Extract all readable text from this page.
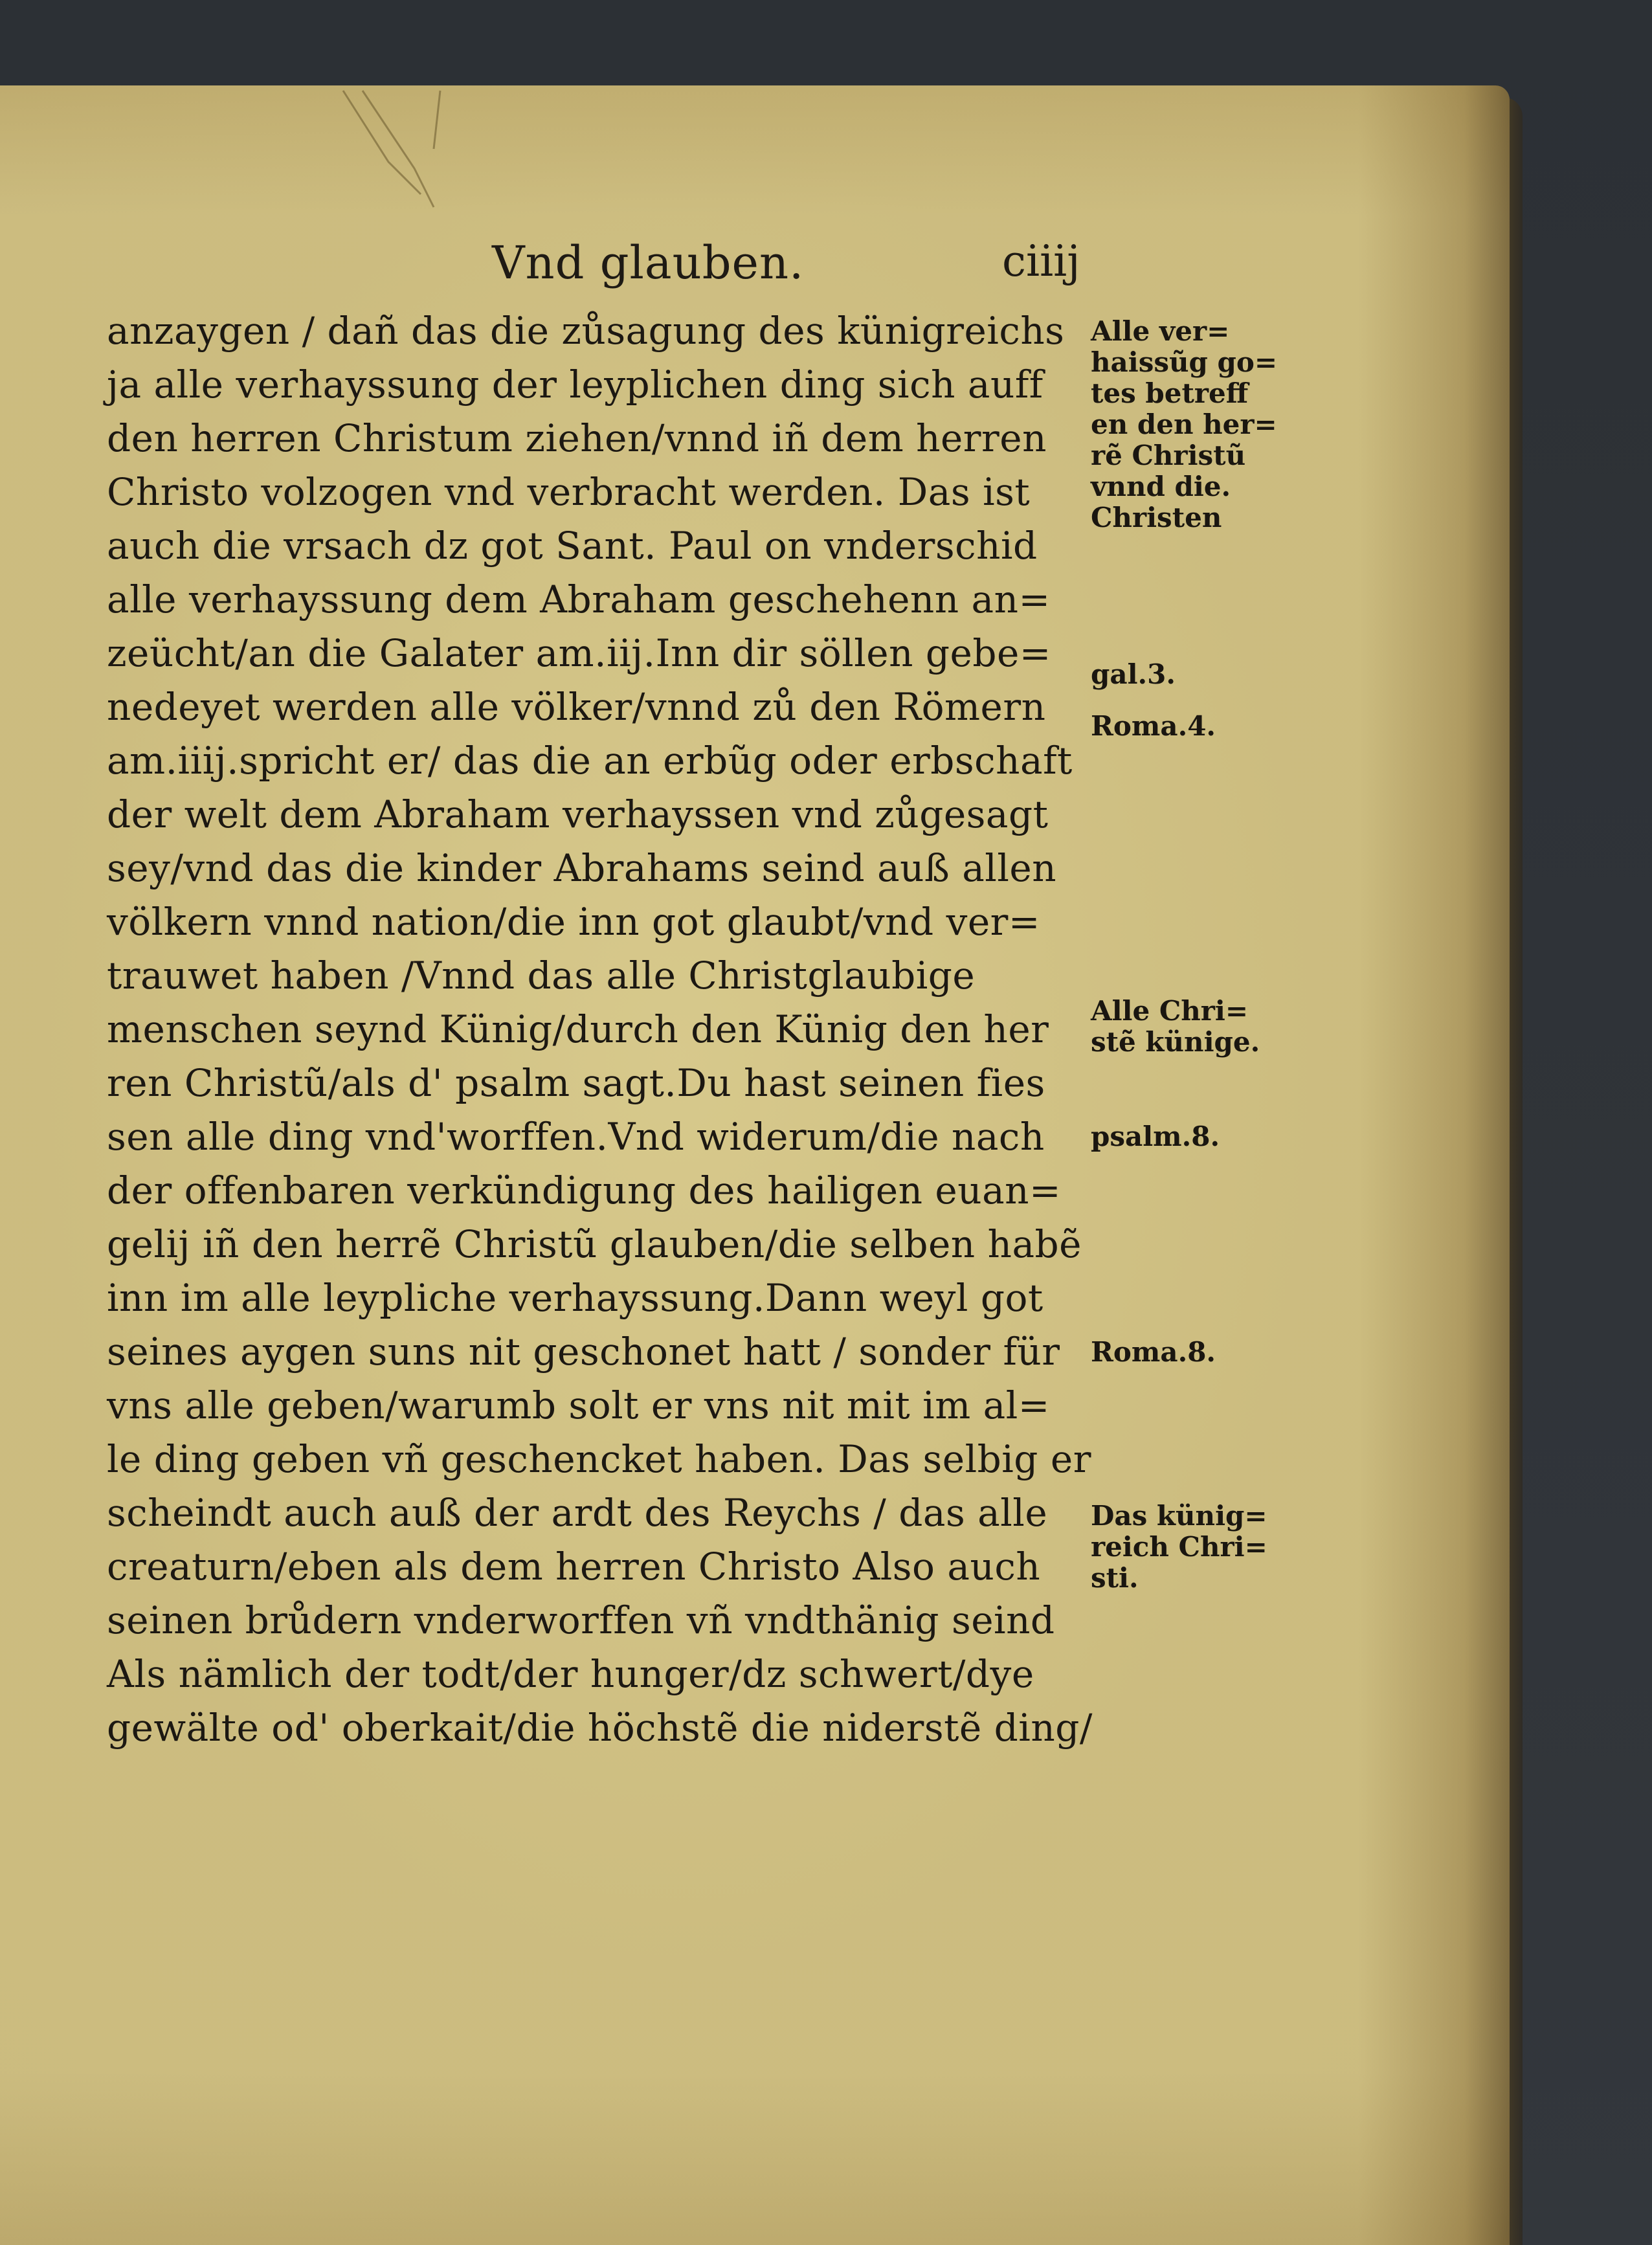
Vnd glauben.	ciiij
anzaygen / dañ das die zůsagung des künigreichs
ja alle verhayssung der leyplichen ding sich auff
den herren Christum ziehen/vnnd iñ dem herren
Christo volzogen vnd verbracht werden. Das ist
auch die vrsach dz got Sant. Paul on vnderschid
alle verhayssung dem Abraham geschehenn an=
zeücht/an die Galater am.iij.Inn dir söllen gebe=
nedeyet werden alle völker/vnnd zů den Römern
am.iiij.spricht er/ das die an erbũg oder erbschaft
der welt dem Abraham verhayssen vnd zůgesagt
sey/vnd das die kinder Abrahams seind auß allen
völkern vnnd nation/die inn got glaubt/vnd ver=
trauwet haben /Vnnd das alle Christglaubige
menschen seynd Künig/durch den Künig den her
ren Christũ/als d' psalm sagt.Du hast seinen fies
sen alle ding vnd'worffen.Vnd widerum/die nach
der offenbaren verkündigung des hailigen euan=
gelij iñ den herrẽ Christũ glauben/die selben habẽ
inn im alle leypliche verhayssung.Dann weyl got
seines aygen suns nit geschonet hatt / sonder für
vns alle geben/warumb solt er vns nit mit im al=
le ding geben vñ geschencket haben. Das selbig er
scheindt auch auß der ardt des Reychs / das alle
creaturn/eben als dem herren Christo Also auch
seinen brůdern vnderworffen vñ vndthänig seind
Als nämlich der todt/der hunger/dz schwert/dye
gewälte od' oberkait/die höchstẽ die niderstẽ ding/
Alle ver=
haissũg go=
tes betreff
en den her=
rẽ Christũ
vnnd die.
Christen
gal.3.
Roma.4.
Alle Chri=
stẽ künige.
psalm.8.
Roma.8.
Das künig=
reich Chri=
sti.
